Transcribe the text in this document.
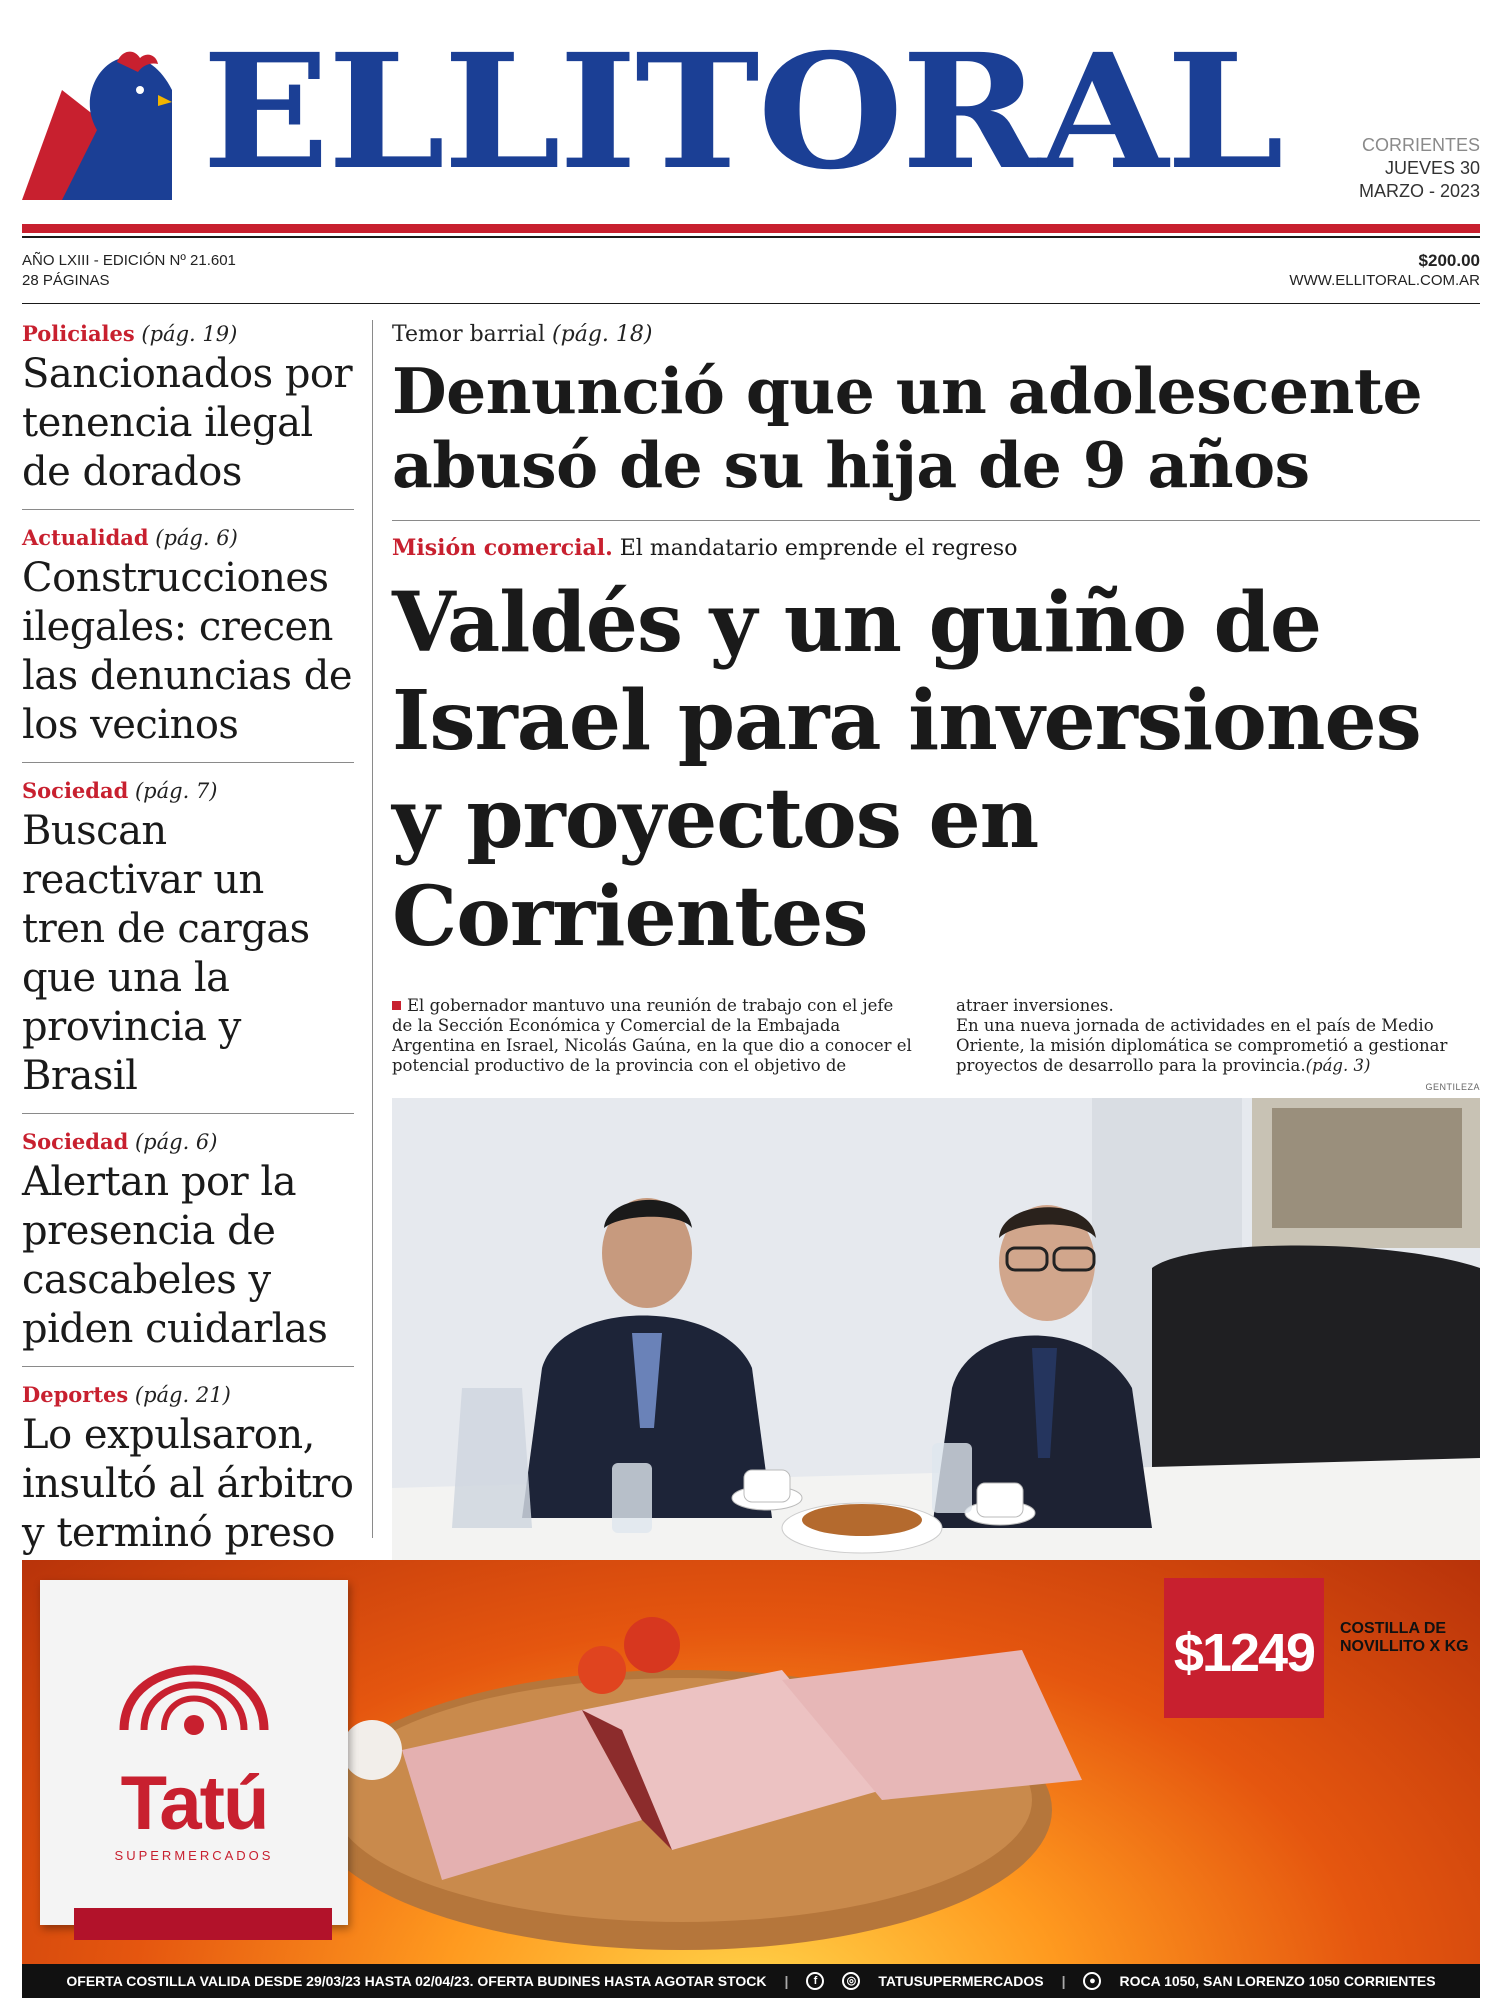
ELLITORAL	CORRIENTES
JUEVES 30
MARZO - 2023
AÑO LXIII - EDICIÓN Nº 21.601
28 PÁGINAS
$200.00
WWW.ELLITORAL.COM.AR
Policiales (pág. 19)
Sancionados por tenencia ilegal de dorados
Actualidad (pág. 6)
Construcciones ilegales: crecen las denuncias de los vecinos
Sociedad (pág. 7)
Buscan reactivar un tren de cargas que una la provincia y Brasil
Sociedad (pág. 6)
Alertan por la presencia de cascabeles y piden cuidarlas
Deportes (pág. 21)
Lo expulsaron, insultó al árbitro y terminó preso
Temor barrial (pág. 18)
Denunció que un adolescente abusó de su hija de 9 años
Misión comercial. El mandatario emprende el regreso
Valdés y un guiño de Israel para inversiones y proyectos en Corrientes
El gobernador mantuvo una reunión de trabajo con el jefe de la Sección Económica y Comercial de la Embajada Argentina en Israel, Nicolás Gaúna, en la que dio a conocer el potencial productivo de la provincia con el objetivo de
atraer inversiones.
En una nueva jornada de actividades en el país de Medio Oriente, la misión diplomática se comprometió a gestionar proyectos de desarrollo para la provincia.(pág. 3)
GENTILEZA
Tatú
SUPERMERCADOS
$1249	COSTILLA DE NOVILLITO X KG
OFERTA COSTILLA VALIDA DESDE 29/03/23 HASTA 02/04/23. OFERTA BUDINES HASTA AGOTAR STOCK |	f	◎	TATUSUPERMERCADOS |	●	ROCA 1050, SAN LORENZO 1050 CORRIENTES
